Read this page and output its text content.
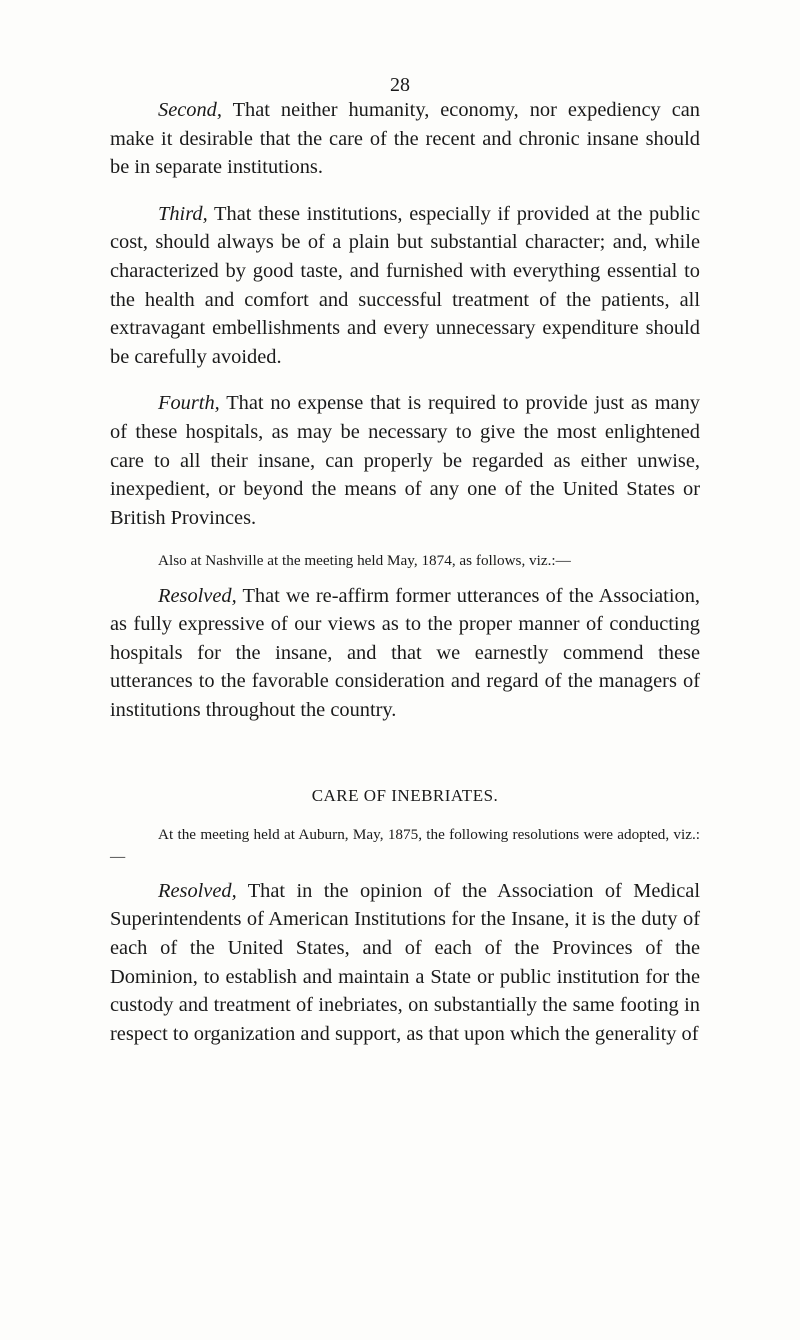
28

Second, That neither humanity, economy, nor expediency can make it desirable that the care of the recent and chronic insane should be in separate institutions.

Third, That these institutions, especially if provided at the public cost, should always be of a plain but substantial character; and, while characterized by good taste, and furnished with everything essential to the health and comfort and successful treatment of the patients, all extravagant embellishments and every unnecessary expenditure should be carefully avoided.

Fourth, That no expense that is required to provide just as many of these hospitals, as may be necessary to give the most enlightened care to all their insane, can properly be regarded as either unwise, inexpedient, or beyond the means of any one of the United States or British Provinces.

Also at Nashville at the meeting held May, 1874, as follows, viz.:—

Resolved, That we re-affirm former utterances of the Association, as fully expressive of our views as to the proper manner of conducting hospitals for the insane, and that we earnestly commend these utterances to the favorable consideration and regard of the managers of institutions throughout the country.

CARE OF INEBRIATES.

At the meeting held at Auburn, May, 1875, the following resolutions were adopted, viz.:—

Resolved, That in the opinion of the Association of Medical Superintendents of American Institutions for the Insane, it is the duty of each of the United States, and of each of the Provinces of the Dominion, to establish and maintain a State or public institution for the custody and treatment of inebriates, on substantially the same footing in respect to organization and support, as that upon which the generality of
